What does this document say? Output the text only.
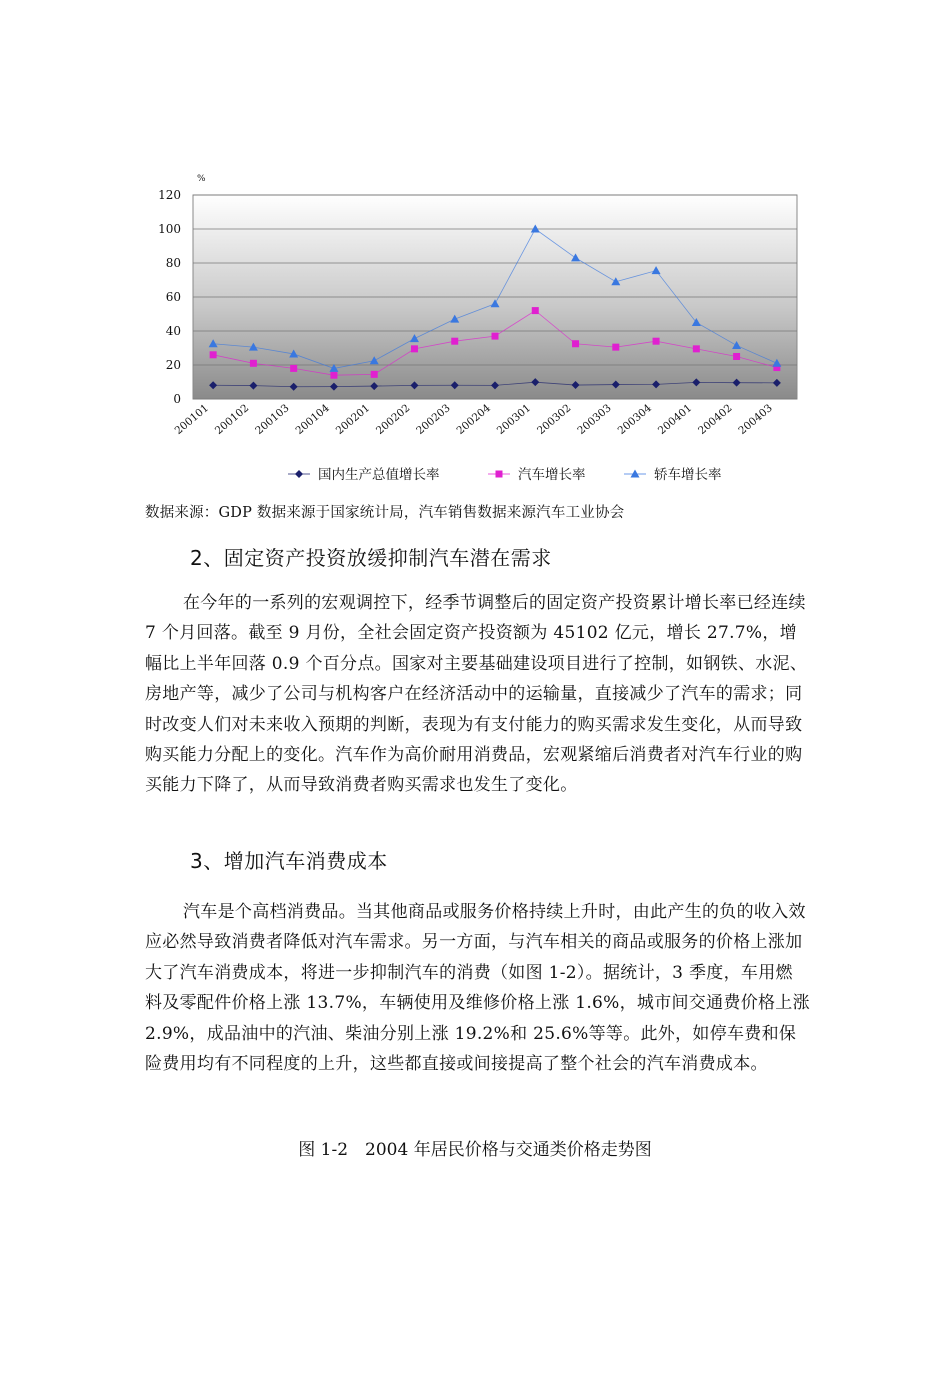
0
20
40
60
80
100
120
%
200101 200102 200103 200104 200201 200202 200203 200204 200301 200302 200303 200304 200401 200402 200403
国内生产总值增长率	汽车增长率	轿车增长率
数据来源：GDP 数据来源于国家统计局，汽车销售数据来源汽车工业协会
2、固定资产投资放缓抑制汽车潜在需求

在今年的一系列的宏观调控下，经季节调整后的固定资产投资累计增长率已经连续 7 个月回落。截至 9 月份，全社会固定资产投资额为 45102 亿元，增长 27.7%，增幅比上半年回落 0.9 个百分点。国家对主要基础建设项目进行了控制，如钢铁、水泥、房地产等，减少了公司与机构客户在经济活动中的运输量，直接减少了汽车的需求；同时改变人们对未来收入预期的判断，表现为有支付能力的购买需求发生变化，从而导致购买能力分配上的变化。汽车作为高价耐用消费品，宏观紧缩后消费者对汽车行业的购买能力下降了，从而导致消费者购买需求也发生了变化。

3、增加汽车消费成本

汽车是个高档消费品。当其他商品或服务价格持续上升时，由此产生的负的收入效应必然导致消费者降低对汽车需求。另一方面，与汽车相关的商品或服务的价格上涨加大了汽车消费成本，将进一步抑制汽车的消费（如图 1-2）。据统计，3 季度，车用燃料及零配件价格上涨 13.7%，车辆使用及维修价格上涨 1.6%，城市间交通费价格上涨 2.9%，成品油中的汽油、柴油分别上涨 19.2%和 25.6%等等。此外，如停车费和保险费用均有不同程度的上升，这些都直接或间接提高了整个社会的汽车消费成本。

图 1-2　2004 年居民价格与交通类价格走势图
